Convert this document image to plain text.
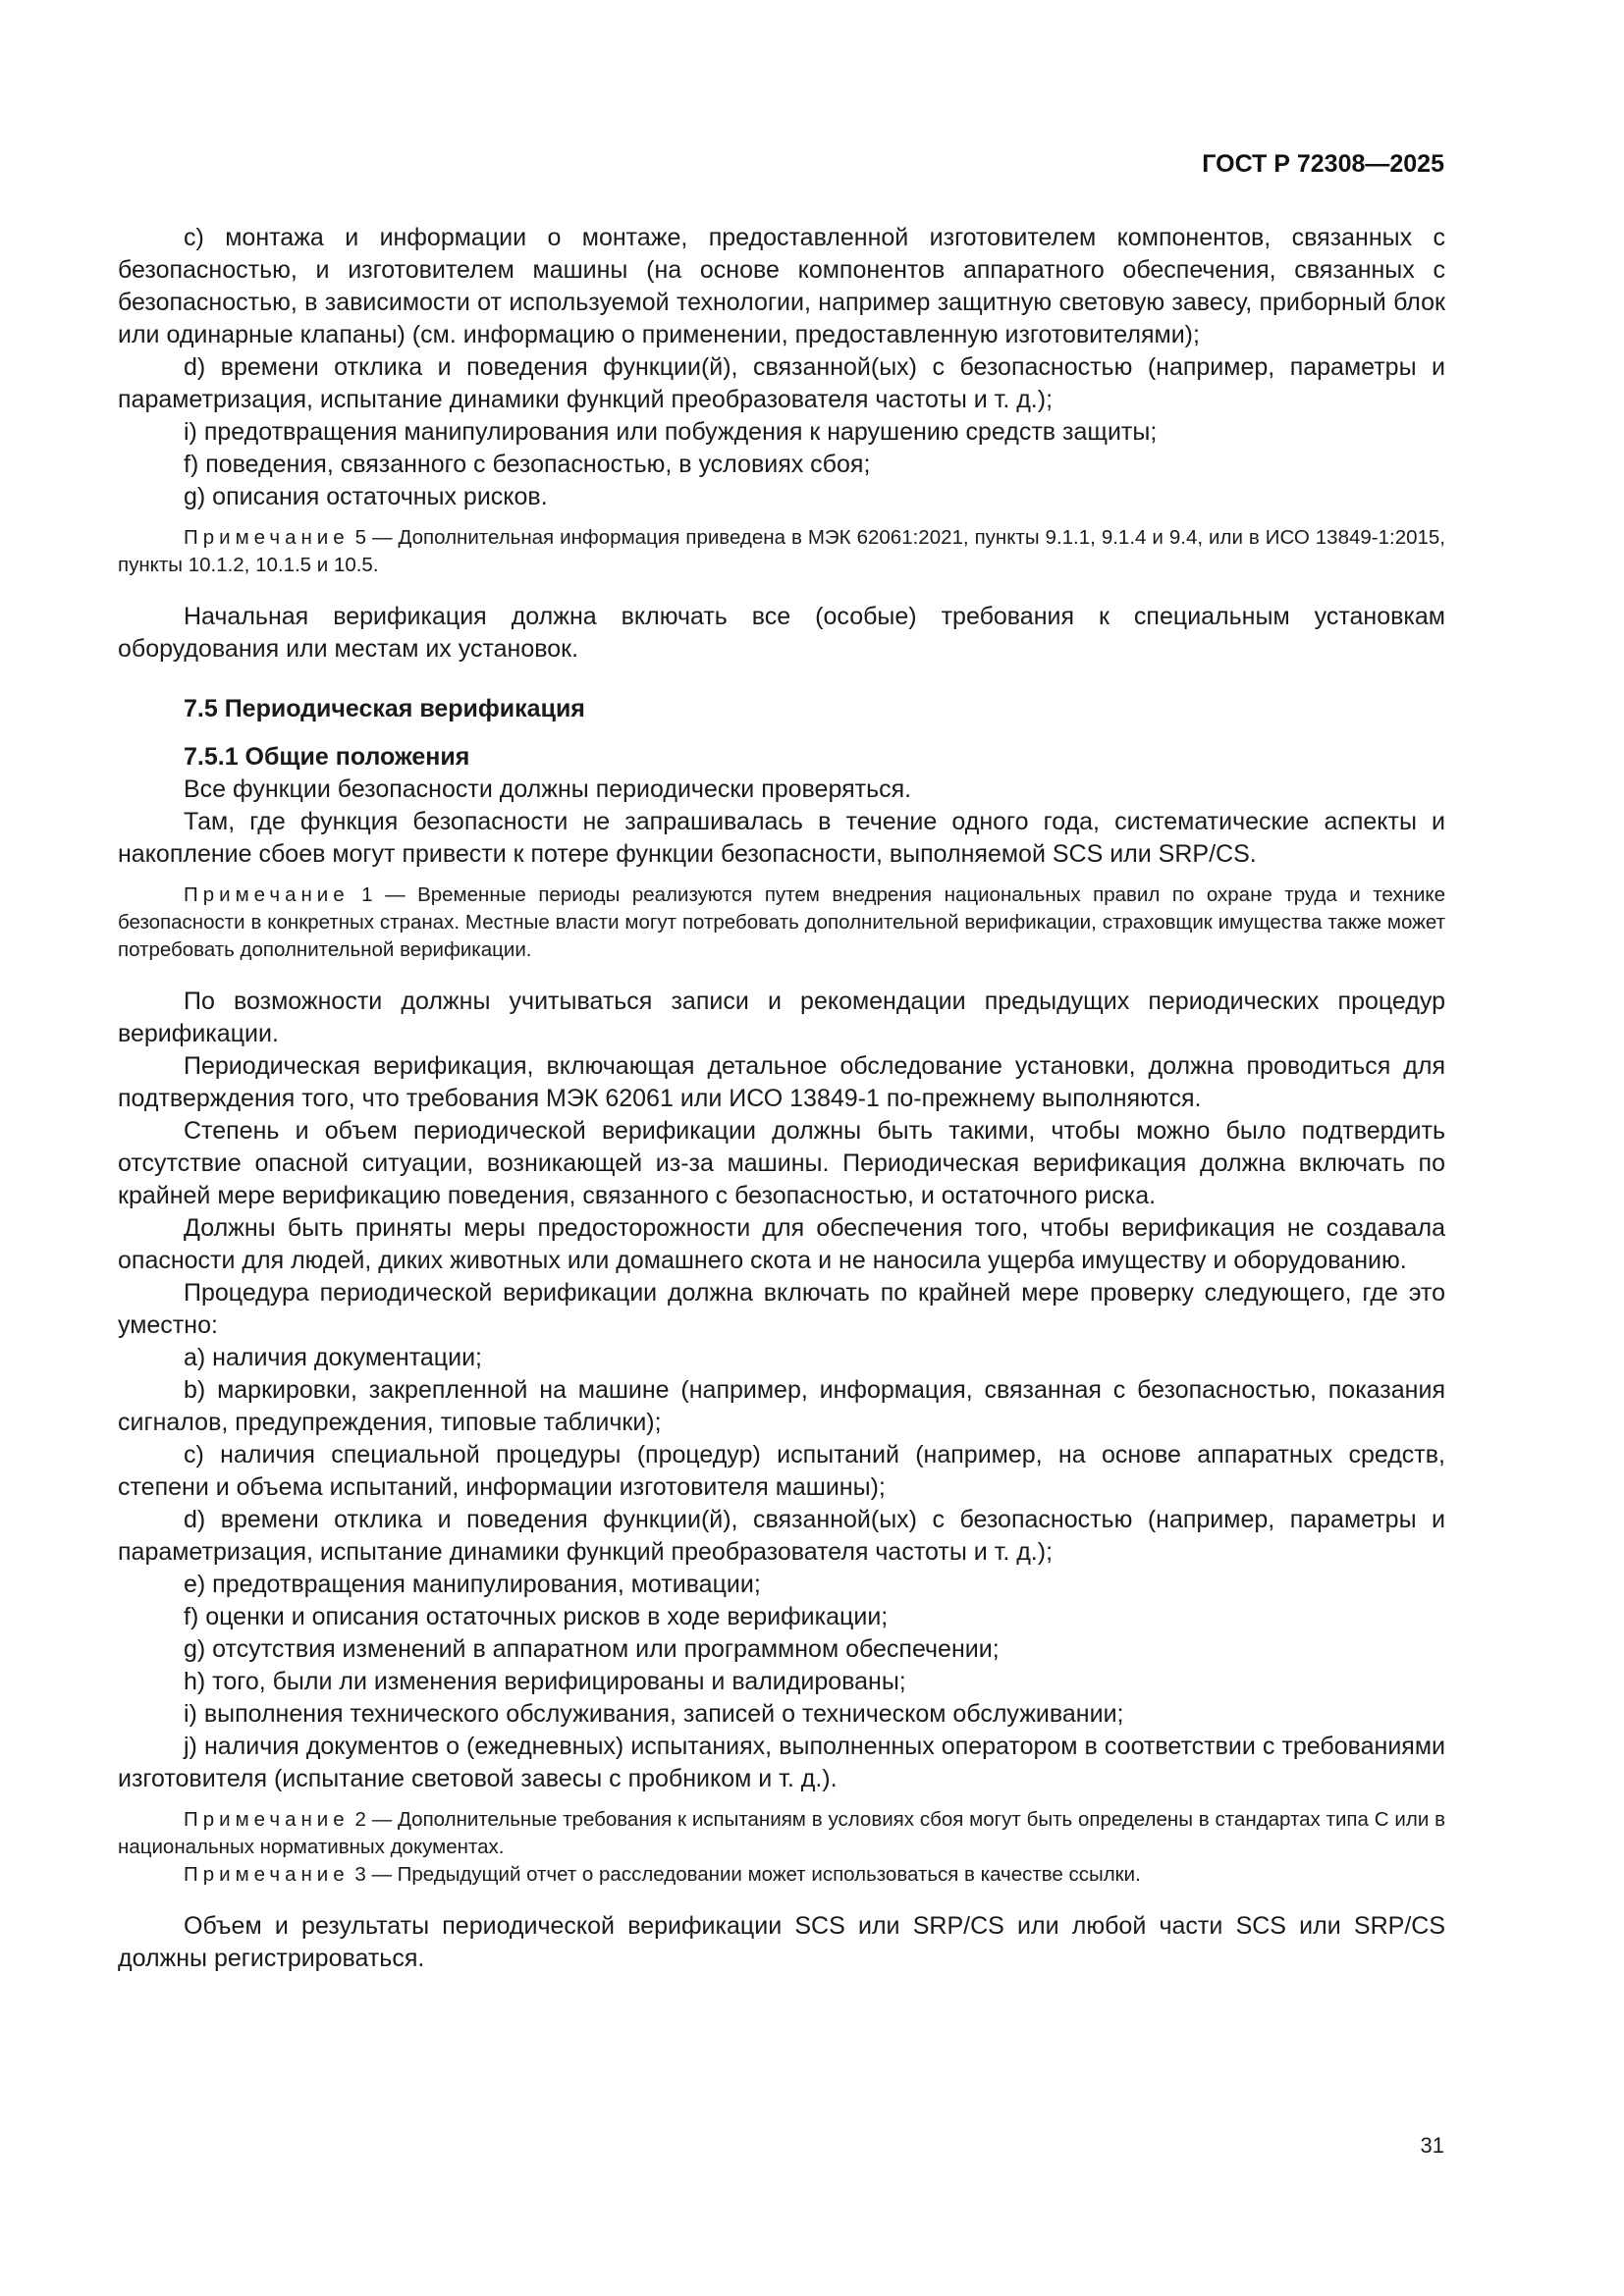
ГОСТ Р 72308—2025

c) монтажа и информации о монтаже, предоставленной изготовителем компонентов, связанных с безопасностью, и изготовителем машины (на основе компонентов аппаратного обеспечения, связанных с безопасностью, в зависимости от используемой технологии, например защитную световую завесу, приборный блок или одинарные клапаны) (см. информацию о применении, предоставленную изготовителями);

d) времени отклика и поведения функции(й), связанной(ых) с безопасностью (например, параметры и параметризация, испытание динамики функций преобразователя частоты и т. д.);

i) предотвращения манипулирования или побуждения к нарушению средств защиты;

f) поведения, связанного с безопасностью, в условиях сбоя;

g) описания остаточных рисков.

Примечание 5 — Дополнительная информация приведена в МЭК 62061:2021, пункты 9.1.1, 9.1.4 и 9.4, или в ИСО 13849-1:2015, пункты 10.1.2, 10.1.5 и 10.5.

Начальная верификация должна включать все (особые) требования к специальным установкам оборудования или местам их установок.

7.5 Периодическая верификация

7.5.1 Общие положения

Все функции безопасности должны периодически проверяться.

Там, где функция безопасности не запрашивалась в течение одного года, систематические аспекты и накопление сбоев могут привести к потере функции безопасности, выполняемой SCS или SRP/CS.

Примечание 1 — Временные периоды реализуются путем внедрения национальных правил по охране труда и технике безопасности в конкретных странах. Местные власти могут потребовать дополнительной верификации, страховщик имущества также может потребовать дополнительной верификации.

По возможности должны учитываться записи и рекомендации предыдущих периодических процедур верификации.

Периодическая верификация, включающая детальное обследование установки, должна проводиться для подтверждения того, что требования МЭК 62061 или ИСО 13849-1 по-прежнему выполняются.

Степень и объем периодической верификации должны быть такими, чтобы можно было подтвердить отсутствие опасной ситуации, возникающей из-за машины. Периодическая верификация должна включать по крайней мере верификацию поведения, связанного с безопасностью, и остаточного риска.

Должны быть приняты меры предосторожности для обеспечения того, чтобы верификация не создавала опасности для людей, диких животных или домашнего скота и не наносила ущерба имуществу и оборудованию.

Процедура периодической верификации должна включать по крайней мере проверку следующего, где это уместно:

a) наличия документации;

b) маркировки, закрепленной на машине (например, информация, связанная с безопасностью, показания сигналов, предупреждения, типовые таблички);

c) наличия специальной процедуры (процедур) испытаний (например, на основе аппаратных средств, степени и объема испытаний, информации изготовителя машины);

d) времени отклика и поведения функции(й), связанной(ых) с безопасностью (например, параметры и параметризация, испытание динамики функций преобразователя частоты и т. д.);

e) предотвращения манипулирования, мотивации;

f) оценки и описания остаточных рисков в ходе верификации;

g) отсутствия изменений в аппаратном или программном обеспечении;

h) того, были ли изменения верифицированы и валидированы;

i) выполнения технического обслуживания, записей о техническом обслуживании;

j) наличия документов о (ежедневных) испытаниях, выполненных оператором в соответствии с требованиями изготовителя (испытание световой завесы с пробником и т. д.).

Примечание 2 — Дополнительные требования к испытаниям в условиях сбоя могут быть определены в стандартах типа C или в национальных нормативных документах.

Примечание 3 — Предыдущий отчет о расследовании может использоваться в качестве ссылки.

Объем и результаты периодической верификации SCS или SRP/CS или любой части SCS или SRP/CS должны регистрироваться.

31
